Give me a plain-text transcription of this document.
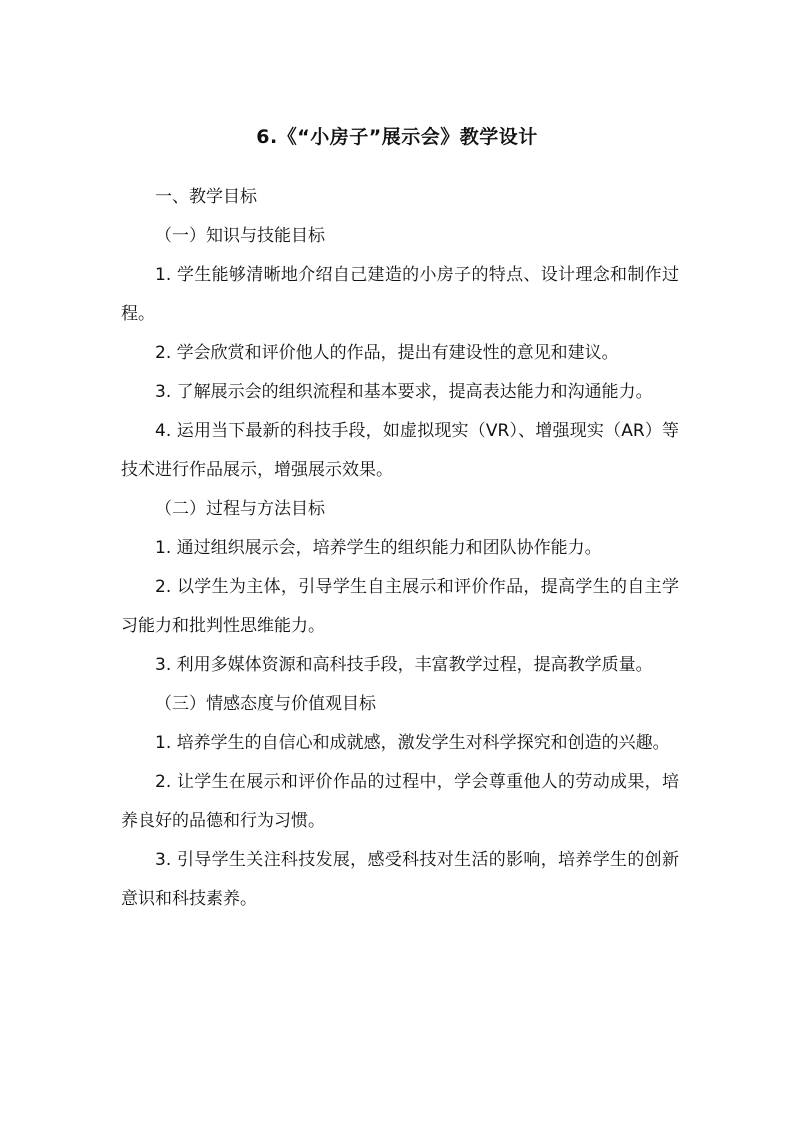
6.《“小房子”展示会》教学设计

一、教学目标

（一）知识与技能目标

1. 学生能够清晰地介绍自己建造的小房子的特点、设计理念和制作过程。

2. 学会欣赏和评价他人的作品，提出有建设性的意见和建议。

3. 了解展示会的组织流程和基本要求，提高表达能力和沟通能力。

4. 运用当下最新的科技手段，如虚拟现实（VR）、增强现实（AR）等技术进行作品展示，增强展示效果。

（二）过程与方法目标

1. 通过组织展示会，培养学生的组织能力和团队协作能力。

2. 以学生为主体，引导学生自主展示和评价作品，提高学生的自主学习能力和批判性思维能力。

3. 利用多媒体资源和高科技手段，丰富教学过程，提高教学质量。

（三）情感态度与价值观目标

1. 培养学生的自信心和成就感，激发学生对科学探究和创造的兴趣。

2. 让学生在展示和评价作品的过程中，学会尊重他人的劳动成果，培养良好的品德和行为习惯。

3. 引导学生关注科技发展，感受科技对生活的影响，培养学生的创新意识和科技素养。
